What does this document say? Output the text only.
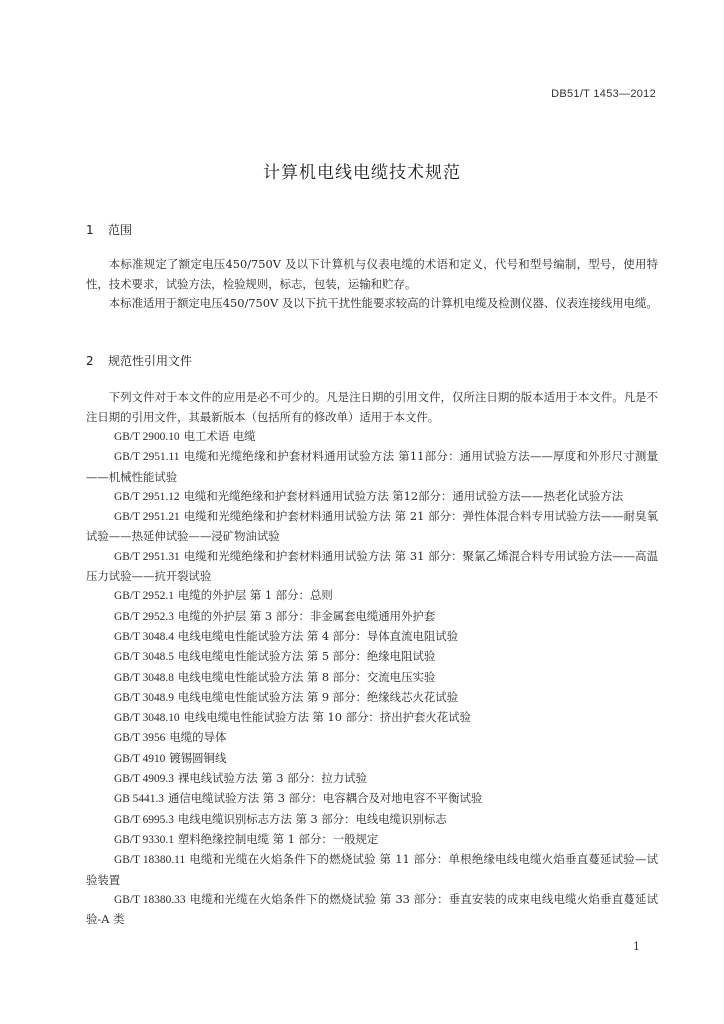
DB51/T 1453—2012
计算机电线电缆技术规范
1 范围

本标准规定了额定电压450/750V 及以下计算机与仪表电缆的术语和定义，代号和型号编制，型号，使用特性，技术要求，试验方法，检验规则，标志，包装，运输和贮存。

本标准适用于额定电压450/750V 及以下抗干扰性能要求较高的计算机电缆及检测仪器、仪表连接线用电缆。

2 规范性引用文件

下列文件对于本文件的应用是必不可少的。凡是注日期的引用文件，仅所注日期的版本适用于本文件。凡是不注日期的引用文件，其最新版本（包括所有的修改单）适用于本文件。

GB/T 2900.10 电工术语 电缆

GB/T 2951.11 电缆和光缆绝缘和护套材料通用试验方法 第11部分：通用试验方法——厚度和外形尺寸测量——机械性能试验

GB/T 2951.12 电缆和光缆绝缘和护套材料通用试验方法 第12部分：通用试验方法——热老化试验方法

GB/T 2951.21 电缆和光缆绝缘和护套材料通用试验方法 第 21 部分：弹性体混合料专用试验方法——耐臭氧试验——热延伸试验——浸矿物油试验

GB/T 2951.31 电缆和光缆绝缘和护套材料通用试验方法 第 31 部分：聚氯乙烯混合料专用试验方法——高温压力试验——抗开裂试验

GB/T 2952.1 电缆的外护层 第 1 部分：总则

GB/T 2952.3 电缆的外护层 第 3 部分：非金属套电缆通用外护套

GB/T 3048.4 电线电缆电性能试验方法 第 4 部分：导体直流电阻试验

GB/T 3048.5 电线电缆电性能试验方法 第 5 部分：绝缘电阻试验

GB/T 3048.8 电线电缆电性能试验方法 第 8 部分：交流电压实验

GB/T 3048.9 电线电缆电性能试验方法 第 9 部分：绝缘线芯火花试验

GB/T 3048.10 电线电缆电性能试验方法 第 10 部分：挤出护套火花试验

GB/T 3956 电缆的导体

GB/T 4910 镀锡圆铜线

GB/T 4909.3 裸电线试验方法 第 3 部分：拉力试验

GB 5441.3 通信电缆试验方法 第 3 部分：电容耦合及对地电容不平衡试验

GB/T 6995.3 电线电缆识别标志方法 第 3 部分：电线电缆识别标志

GB/T 9330.1 塑料绝缘控制电缆 第 1 部分：一般规定

GB/T 18380.11 电缆和光缆在火焰条件下的燃烧试验 第 11 部分：单根绝缘电线电缆火焰垂直蔓延试验—试验装置

GB/T 18380.33 电缆和光缆在火焰条件下的燃烧试验 第 33 部分：垂直安装的成束电线电缆火焰垂直蔓延试验-A 类

1
